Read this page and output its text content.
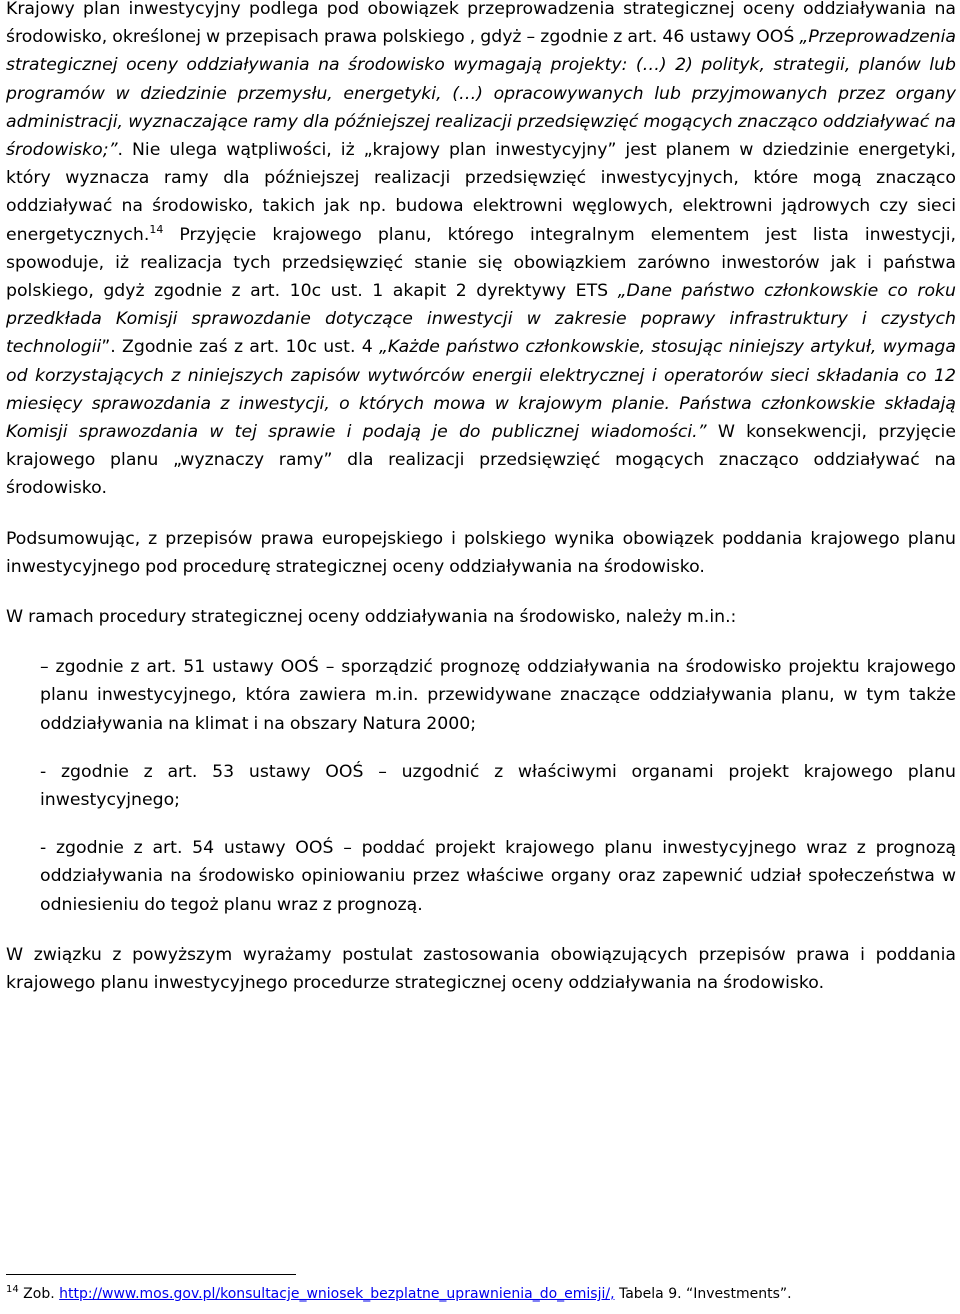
Krajowy plan inwestycyjny podlega pod obowiązek przeprowadzenia strategicznej oceny oddziaływania na środowisko, określonej w przepisach prawa polskiego , gdyż – zgodnie z art. 46 ustawy OOŚ „Przeprowadzenia strategicznej oceny oddziaływania na środowisko wymagają projekty: (…) 2) polityk, strategii, planów lub programów w dziedzinie przemysłu, energetyki, (…) opracowywanych lub przyjmowanych przez organy administracji, wyznaczające ramy dla późniejszej realizacji przedsięwzięć mogących znacząco oddziaływać na środowisko;”. Nie ulega wątpliwości, iż „krajowy plan inwestycyjny” jest planem w dziedzinie energetyki, który wyznacza ramy dla późniejszej realizacji przedsięwzięć inwestycyjnych, które mogą znacząco oddziaływać na środowisko, takich jak np. budowa elektrowni węglowych, elektrowni jądrowych czy sieci energetycznych.$^{14}$ Przyjęcie krajowego planu, którego integralnym elementem jest lista inwestycji, spowoduje, iż realizacja tych przedsięwzięć stanie się obowiązkiem zarówno inwestorów jak i państwa polskiego, gdyż zgodnie z art. 10c ust. 1 akapit 2 dyrektywy ETS „Dane państwo członkowskie co roku przedkłada Komisji sprawozdanie dotyczące inwestycji w zakresie poprawy infrastruktury i czystych technologii”. Zgodnie zaś z art. 10c ust. 4 „Każde państwo członkowskie, stosując niniejszy artykuł, wymaga od korzystających z niniejszych zapisów wytwórców energii elektrycznej i operatorów sieci składania co 12 miesięcy sprawozdania z inwestycji, o których mowa w krajowym planie. Państwa członkowskie składają Komisji sprawozdania w tej sprawie i podają je do publicznej wiadomości.” W konsekwencji, przyjęcie krajowego planu „wyznaczy ramy” dla realizacji przedsięwzięć mogących znacząco oddziaływać na środowisko.

Podsumowując, z przepisów prawa europejskiego i polskiego wynika obowiązek poddania krajowego planu inwestycyjnego pod procedurę strategicznej oceny oddziaływania na środowisko.

W ramach procedury strategicznej oceny oddziaływania na środowisko, należy m.in.:

– zgodnie z art. 51 ustawy OOŚ – sporządzić prognozę oddziaływania na środowisko projektu krajowego planu inwestycyjnego, która zawiera m.in. przewidywane znaczące oddziaływania planu, w tym także oddziaływania na klimat i na obszary Natura 2000;

- zgodnie z art. 53 ustawy OOŚ – uzgodnić z właściwymi organami projekt krajowego planu inwestycyjnego;

- zgodnie z art. 54 ustawy OOŚ – poddać projekt krajowego planu inwestycyjnego wraz z prognozą oddziaływania na środowisko opiniowaniu przez właściwe organy oraz zapewnić udział społeczeństwa w odniesieniu do tegoż planu wraz z prognozą.

W związku z powyższym wyrażamy postulat zastosowania obowiązujących przepisów prawa i poddania krajowego planu inwestycyjnego procedurze strategicznej oceny oddziaływania na środowisko.

$^{14}$ Zob. http://www.mos.gov.pl/konsultacje_wniosek_bezplatne_uprawnienia_do_emisji/, Tabela 9. “Investments”.
